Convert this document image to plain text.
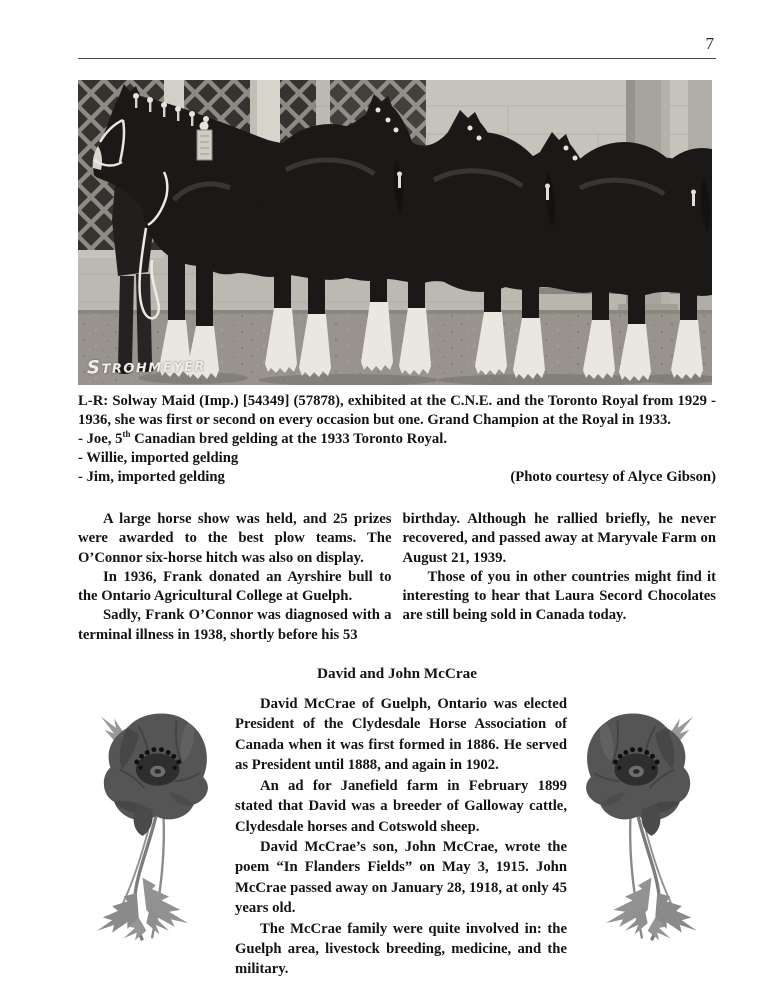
7
STROHMEYER
L-R: Solway Maid (Imp.) [54349] (57878), exhibited at the C.N.E. and the Toronto Royal from 1929 - 1936, she was first or second on every occasion but one. Grand Champion at the Royal in 1933.
- Joe, 5th Canadian bred gelding at the 1933 Toronto Royal.
- Willie, imported gelding
- Jim, imported gelding	(Photo courtesy of Alyce Gibson)

A large horse show was held, and 25 prizes were awarded to the best plow teams. The O’Connor six-horse hitch was also on display.

In 1936, Frank donated an Ayrshire bull to the Ontario Agricultural College at Guelph.

Sadly, Frank O’Connor was diagnosed with a terminal illness in 1938, shortly before his 53

birthday. Although he rallied briefly, he never recovered, and passed away at Maryvale Farm on August 21, 1939.

Those of you in other countries might find it interesting to hear that Laura Secord Chocolates are still being sold in Canada today.

David and John McCrae

David McCrae of Guelph, Ontario was elected President of the Clydesdale Horse Association of Canada when it was first formed in 1886. He served as President until 1888, and again in 1902.

An ad for Janefield farm in February 1899 stated that David was a breeder of Galloway cattle, Clydesdale horses and Cotswold sheep.

David McCrae’s son, John McCrae, wrote the poem “In Flanders Fields” on May 3, 1915. John McCrae passed away on January 28, 1918, at only 45 years old.

The McCrae family were quite involved in: the Guelph area, livestock breeding, medicine, and the military.
